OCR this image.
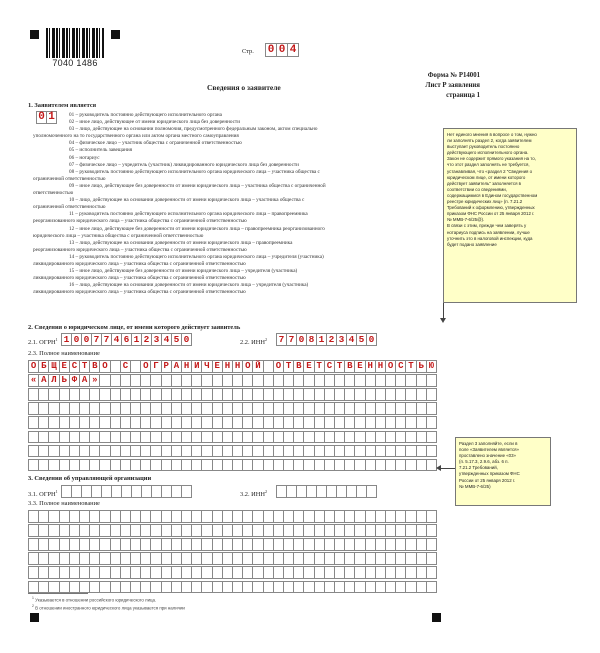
7040 1486
Стр. 0 0 4
Сведения о заявителе
Форма № Р14001
Лист Р заявления
страница 1
1. Заявителем является
0 1	01 – руководитель постоянно действующего исполнительного органа
02 – иное лицо, действующее от имени юридического лица без доверенности
03 – лицо, действующее на основании полномочия, предусмотренного федеральным законом, актом специально
уполномоченного на то государственного органа или актом органа местного самоуправления
04 – физическое лицо – участник общества с ограниченной ответственностью
05 – исполнитель завещания
06 – нотариус
07 – физическое лицо – учредитель (участник) ликвидированного юридического лица без доверенности
08 – руководитель постоянно действующего исполнительного органа юридического лица – участника общества с
ограниченной ответственностью
09 – иное лицо, действующее без доверенности от имени юридического лица – участника общества с ограниченной
ответственностью
10 – лицо, действующее на основании доверенности от имени юридического лица – участника общества с
ограниченной ответственностью
11 – руководитель постоянно действующего исполнительного органа юридического лица – правопреемника
реорганизованного юридического лица – участника общества с ограниченной ответственностью
12 – иное лицо, действующее без доверенности от имени юридического лица – правопреемника реорганизованного
юридического лица – участника общества с ограниченной ответственностью
13 – лицо, действующее на основании доверенности от имени юридического лица – правопреемника
реорганизованного юридического лица – участника общества с ограниченной ответственностью
14 – руководитель постоянно действующего исполнительного органа юридического лица – учредителя (участника)
ликвидированного юридического лица – участника общества с ограниченной ответственностью
15 – иное лицо, действующее без доверенности от имени юридического лица – учредителя (участника)
ликвидированного юридического лица – участника общества с ограниченной ответственностью
16 – лицо, действующее на основании доверенности от имени юридического лица – учредителя (участника)
ликвидированного юридического лица – участника общества с ограниченной ответственностью
Нет единого мнения в вопросе о том, нужно
ли заполнять раздел 2, когда заявителем
выступает руководитель постоянно
действующего исполнительного органа.
Закон не содержит прямого указания на то,
что этот раздел заполнять не требуется,
устанавливая, что «раздел 2 "Сведения о
юридическом лице, от имени которого
действует заявитель" заполняется в
соответствии со сведениями,
содержащимися в Едином государственном
реестре юридических лиц» (п. 7.21.2
Требований к оформлению, утвержденных
приказом ФНС России от 25 января 2012 г.
№ ММВ-7-6/25@).
В связи с этим, прежде чем заверять у
нотариуса подпись на заявлении, лучше
уточнить это в налоговой инспекции, куда
будет подано заявление
2. Сведения о юридическом лице, от имени которого действует заявитель
2.1. ОГРН$^1$ 1 0 0 7 7 4 6 1 2 3 4 5 0	2.2. ИНН$^2$ 7 7 0 8 1 2 3 4 5 0
2.3. Полное наименование
О Б Щ Е С Т В О	С	О Г Р А Н И Ч Е Н Н О Й	О Т В Е Т С Т В Е Н Н О С Т Ь Ю
« А Л Ь Ф А »
Раздел 3 заполняйте, если в
поле «Заявителем является»
проставлено значение «03»
(п. 5.17.3, 2.9.6, абз. 6 п.
7.21.2 Требований,
утвержденных приказом ФНС
России от 25 января 2012 г.
№ ММВ-7-6/25)
3. Сведения об управляющей организации
3.1. ОГРН$^1$	3.2. ИНН$^2$
3.3. Полное наименование
$^1$ Указывается в отношении российского юридического лица.
$^2$ В отношении иностранного юридического лица указывается при наличии
